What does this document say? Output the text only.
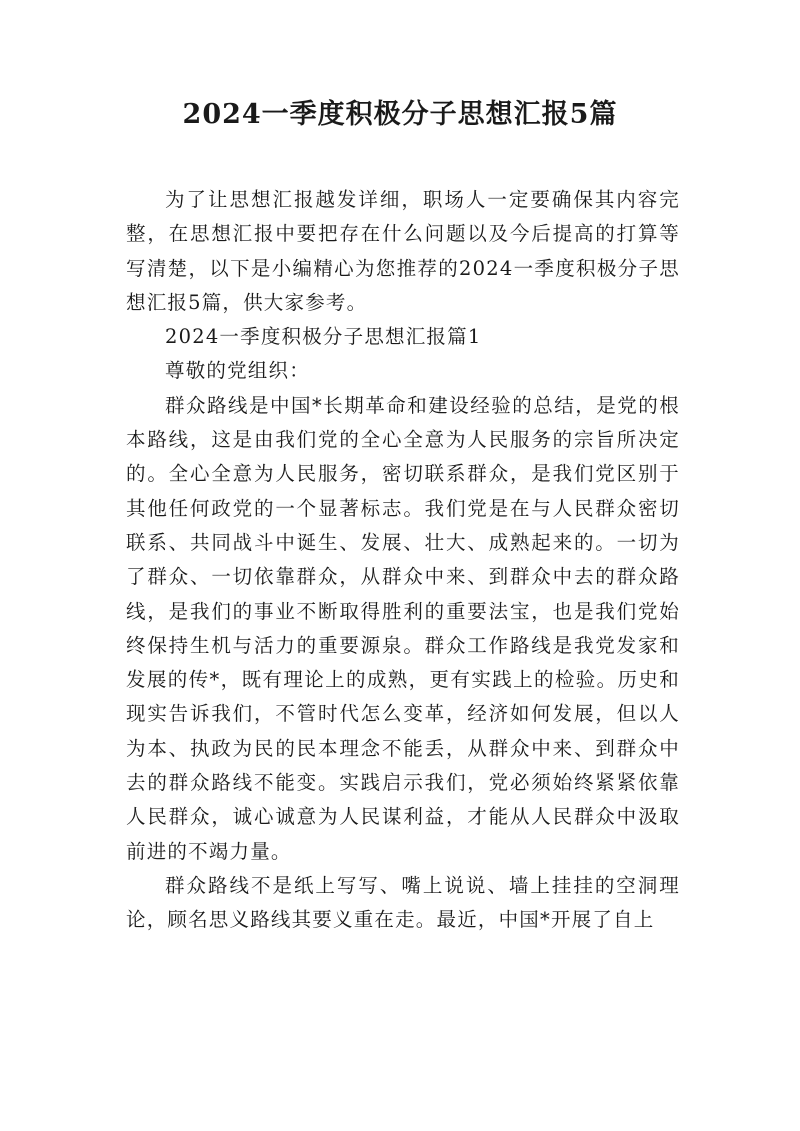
2024一季度积极分子思想汇报5篇

为了让思想汇报越发详细，职场人一定要确保其内容完整，在思想汇报中要把存在什么问题以及今后提高的打算等写清楚，以下是小编精心为您推荐的2024一季度积极分子思想汇报5篇，供大家参考。

2024一季度积极分子思想汇报篇1

尊敬的党组织：

群众路线是中国*长期革命和建设经验的总结，是党的根本路线，这是由我们党的全心全意为人民服务的宗旨所决定的。全心全意为人民服务，密切联系群众，是我们党区别于其他任何政党的一个显著标志。我们党是在与人民群众密切联系、共同战斗中诞生、发展、壮大、成熟起来的。一切为了群众、一切依靠群众，从群众中来、到群众中去的群众路线，是我们的事业不断取得胜利的重要法宝，也是我们党始终保持生机与活力的重要源泉。群众工作路线是我党发家和发展的传*，既有理论上的成熟，更有实践上的检验。历史和现实告诉我们，不管时代怎么变革，经济如何发展，但以人为本、执政为民的民本理念不能丢，从群众中来、到群众中去的群众路线不能变。实践启示我们，党必须始终紧紧依靠人民群众，诚心诚意为人民谋利益，才能从人民群众中汲取前进的不竭力量。

群众路线不是纸上写写、嘴上说说、墙上挂挂的空洞理论，顾名思义路线其要义重在走。最近，中国*开展了自上
